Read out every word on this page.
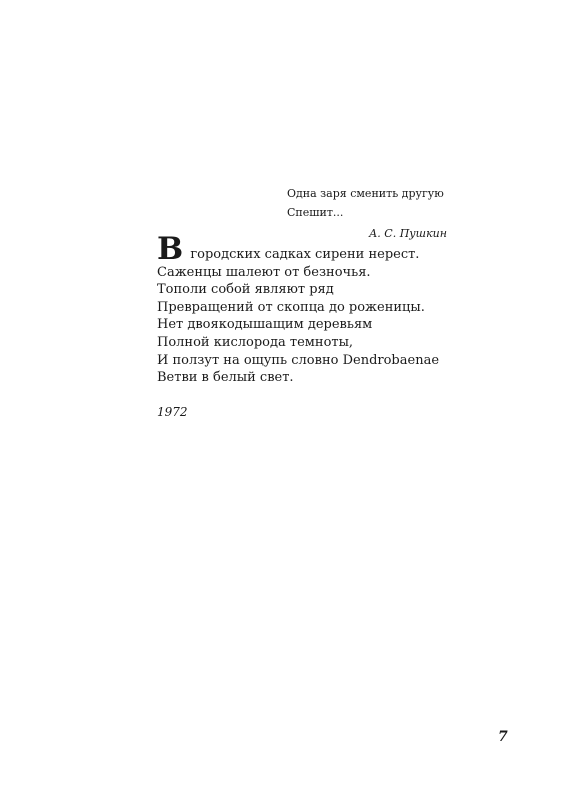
Одна заря сменить другую
Спешит...
А. С. Пушкин
В городских садках сирени нерест.
Саженцы шалеют от безночья.
Тополи собой являют ряд
Превращений от скопца до роженицы.
Нет двоякодышащим деревьям
Полной кислорода темноты,
И ползут на ощупь словно Dendrobaenae
Ветви в белый свет.
1972
7
